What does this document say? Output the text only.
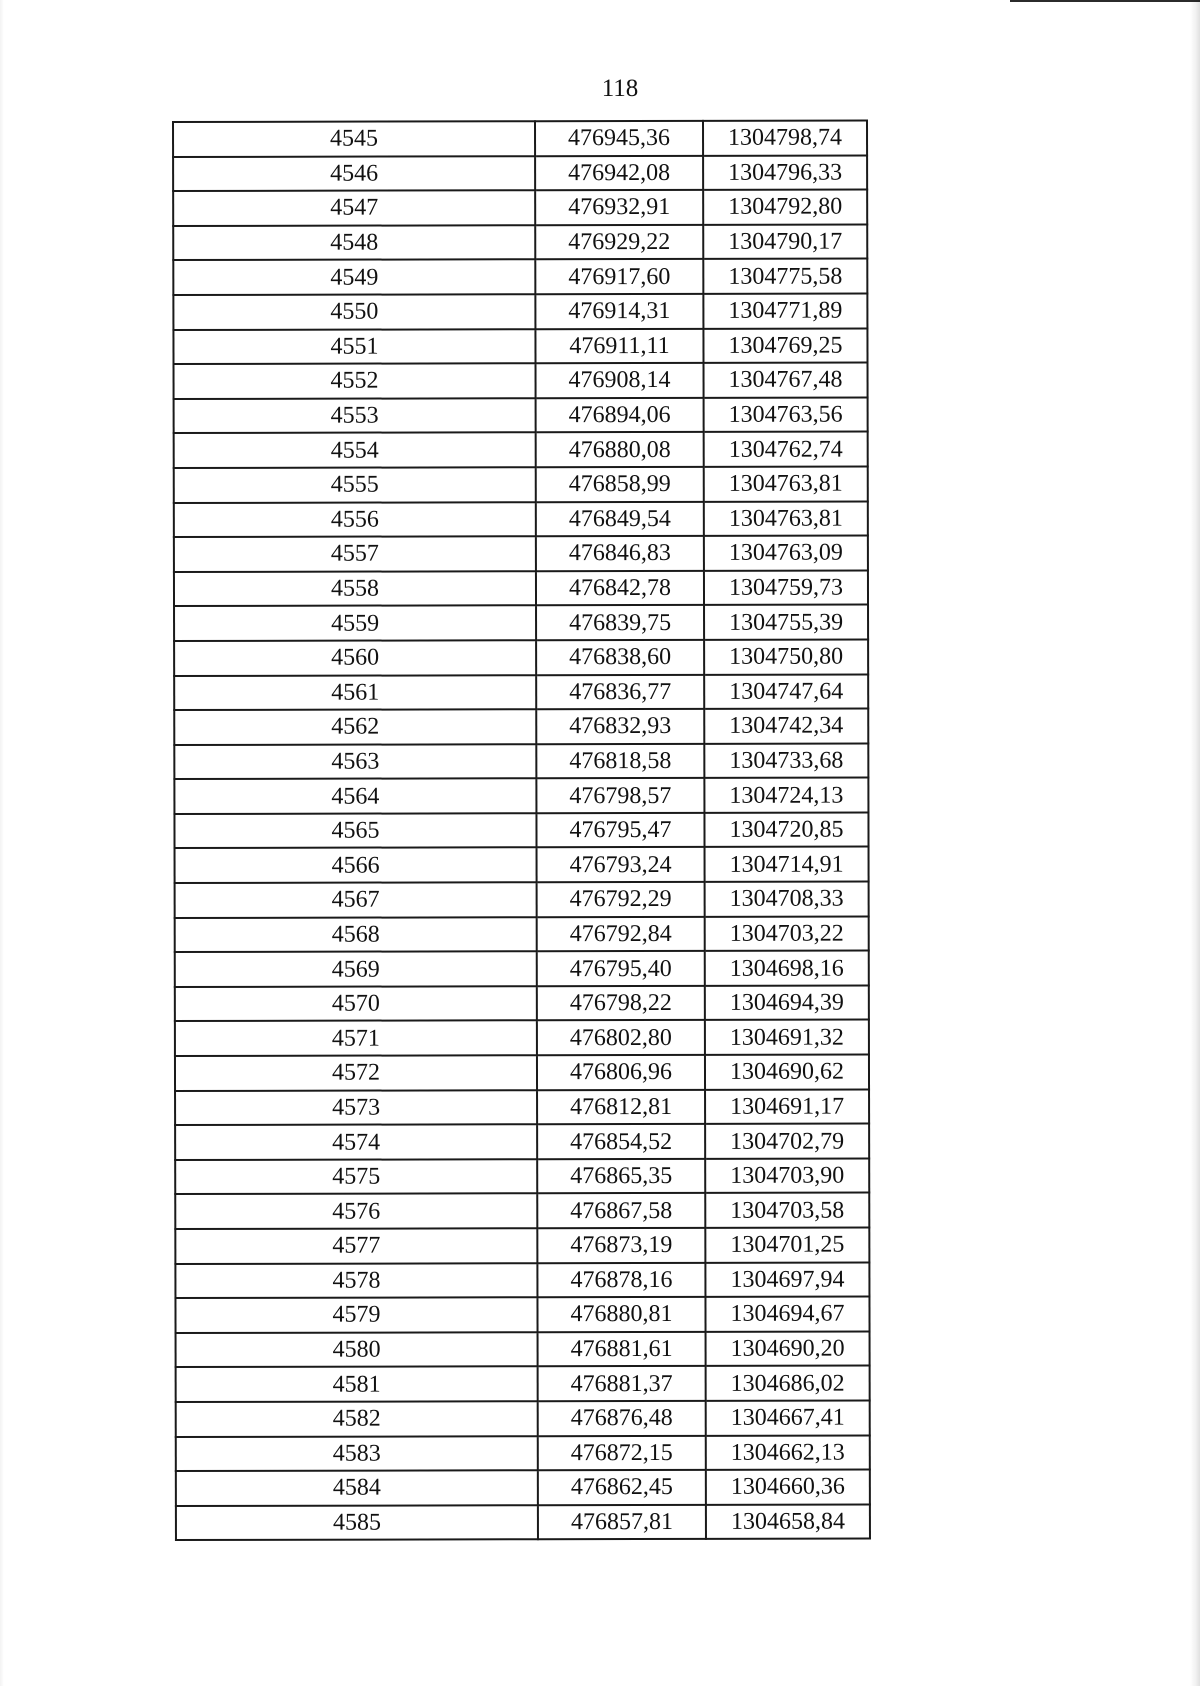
118
4545	476945,36	1304798,74
4546	476942,08	1304796,33
4547	476932,91	1304792,80
4548	476929,22	1304790,17
4549	476917,60	1304775,58
4550	476914,31	1304771,89
4551	476911,11	1304769,25
4552	476908,14	1304767,48
4553	476894,06	1304763,56
4554	476880,08	1304762,74
4555	476858,99	1304763,81
4556	476849,54	1304763,81
4557	476846,83	1304763,09
4558	476842,78	1304759,73
4559	476839,75	1304755,39
4560	476838,60	1304750,80
4561	476836,77	1304747,64
4562	476832,93	1304742,34
4563	476818,58	1304733,68
4564	476798,57	1304724,13
4565	476795,47	1304720,85
4566	476793,24	1304714,91
4567	476792,29	1304708,33
4568	476792,84	1304703,22
4569	476795,40	1304698,16
4570	476798,22	1304694,39
4571	476802,80	1304691,32
4572	476806,96	1304690,62
4573	476812,81	1304691,17
4574	476854,52	1304702,79
4575	476865,35	1304703,90
4576	476867,58	1304703,58
4577	476873,19	1304701,25
4578	476878,16	1304697,94
4579	476880,81	1304694,67
4580	476881,61	1304690,20
4581	476881,37	1304686,02
4582	476876,48	1304667,41
4583	476872,15	1304662,13
4584	476862,45	1304660,36
4585	476857,81	1304658,84
